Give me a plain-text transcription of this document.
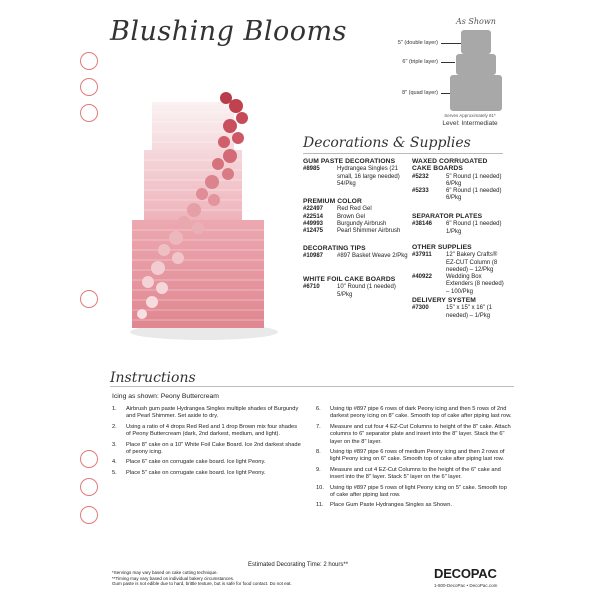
Blushing Blooms	As Shown
5" (double layer)
6" (triple layer)
8" (quad layer)
Serves Approximately 81*
Level: Intermediate
Decorations & Supplies
GUM PASTE DECORATIONS
#8985	Hydrangea Singles (21 small, 16 large needed) 54/Pkg
PREMIUM COLOR
#22497	Red Red Gel
#22514	Brown Gel
#49993	Burgundy Airbrush
#12475	Pearl Shimmer Airbrush
DECORATING TIPS
#10987	#897 Basket Weave 2/Pkg
WHITE FOIL CAKE BOARDS
#6710	10" Round (1 needed) 5/Pkg
WAXED CORRUGATED CAKE BOARDS
#5232	5" Round (1 needed) 6/Pkg
#5233	6" Round (1 needed) 6/Pkg
SEPARATOR PLATES
#38146	6" Round (1 needed) 1/Pkg
OTHER SUPPLIES
#37911	12" Bakery Crafts® EZ-CUT Column (8 needed) – 12/Pkg
#40922	Wedding Box Extenders (8 needed) – 100/Pkg
DELIVERY SYSTEM
#7300	15" x 15" x 16" (1 needed) – 1/Pkg
Instructions
Icing as shown: Peony Buttercream
1.	Airbrush gum paste Hydrangea Singles multiple shades of Burgundy and Pearl Shimmer. Set aside to dry.
2.	Using a ratio of 4 drops Red Red and 1 drop Brown mix four shades of Peony Buttercream (dark, 2nd darkest, medium, and light).
3.	Place 8" cake on a 10" White Foil Cake Board. Ice 2nd darkest shade of peony icing.
4.	Place 6" cake on corrugate cake board. Ice light Peony.
5.	Place 5" cake on corrugate cake board. Ice light Peony.
6.	Using tip #897 pipe 6 rows of dark Peony icing and then 5 rows of 2nd darkest peony icing on 8" cake. Smooth top of cake after piping last row.
7.	Measure and cut four 4 EZ-Cut Columns to height of the 8" cake. Attach columns to 6" separator plate and insert into the 8" layer. Stack the 6" layer on the 8" layer.
8.	Using tip #897 pipe 6 rows of medium Peony icing and then 2 rows of light Peony icing on 6" cake. Smooth top of cake after piping last row.
9.	Measure and cut 4 EZ-Cut Columns to the height of the 6" cake and insert into the 8" layer. Stack 5" layer on the 6" layer.
10.	Using tip #897 pipe 5 rows of light Peony icing on 5" cake. Smooth top of cake after piping last row.
11.	Place Gum Paste Hydrangea Singles as Shown.
Estimated Decorating Time: 2 hours**
*Servings may vary based on cake cutting technique.
**Timing may vary based on individual bakery circumstances.
Gum paste is not edible due to hard, brittle texture, but is safe for food contact. Do not eat.
DECOPAC
1-800-DecoPac • DecoPac.com
